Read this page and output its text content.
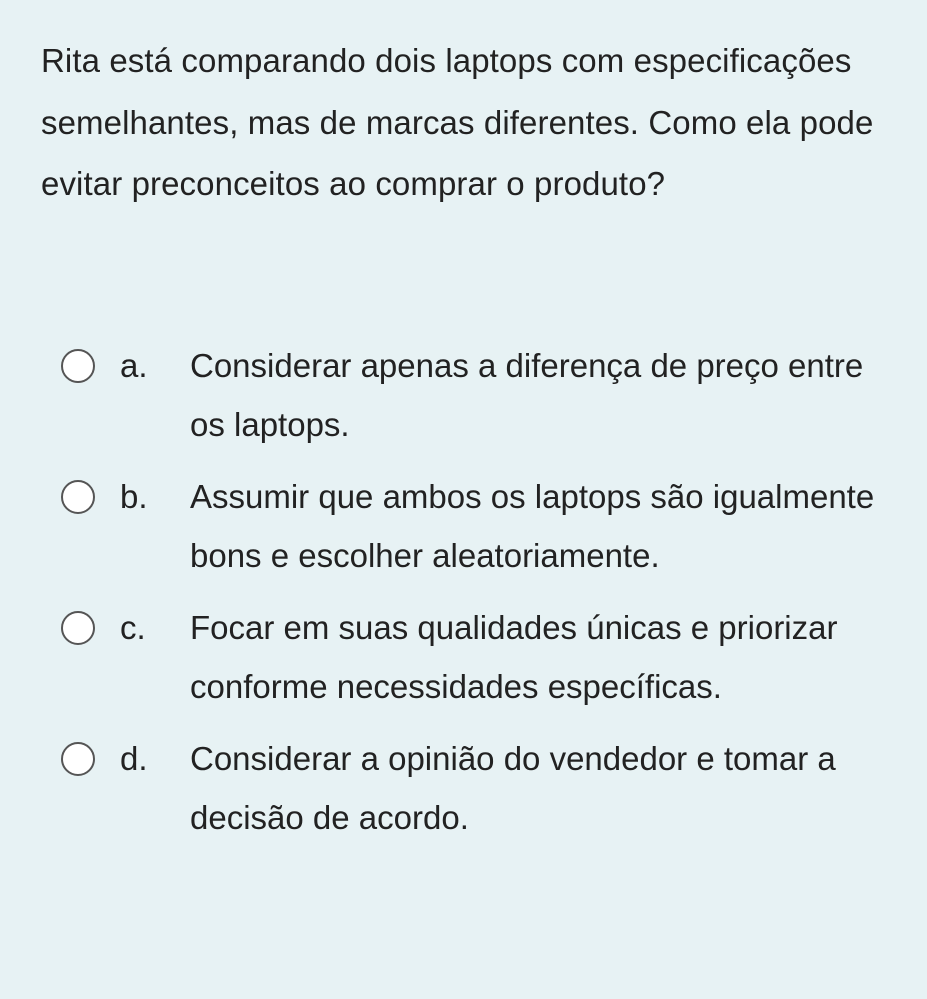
Rita está comparando dois laptops com especificações semelhantes, mas de marcas diferentes. Como ela pode evitar preconceitos ao comprar o produto?
a. Considerar apenas a diferença de preço entre os laptops.
b. Assumir que ambos os laptops são igualmente bons e escolher aleatoriamente.
c. Focar em suas qualidades únicas e priorizar conforme necessidades específicas.
d. Considerar a opinião do vendedor e tomar a decisão de acordo.
